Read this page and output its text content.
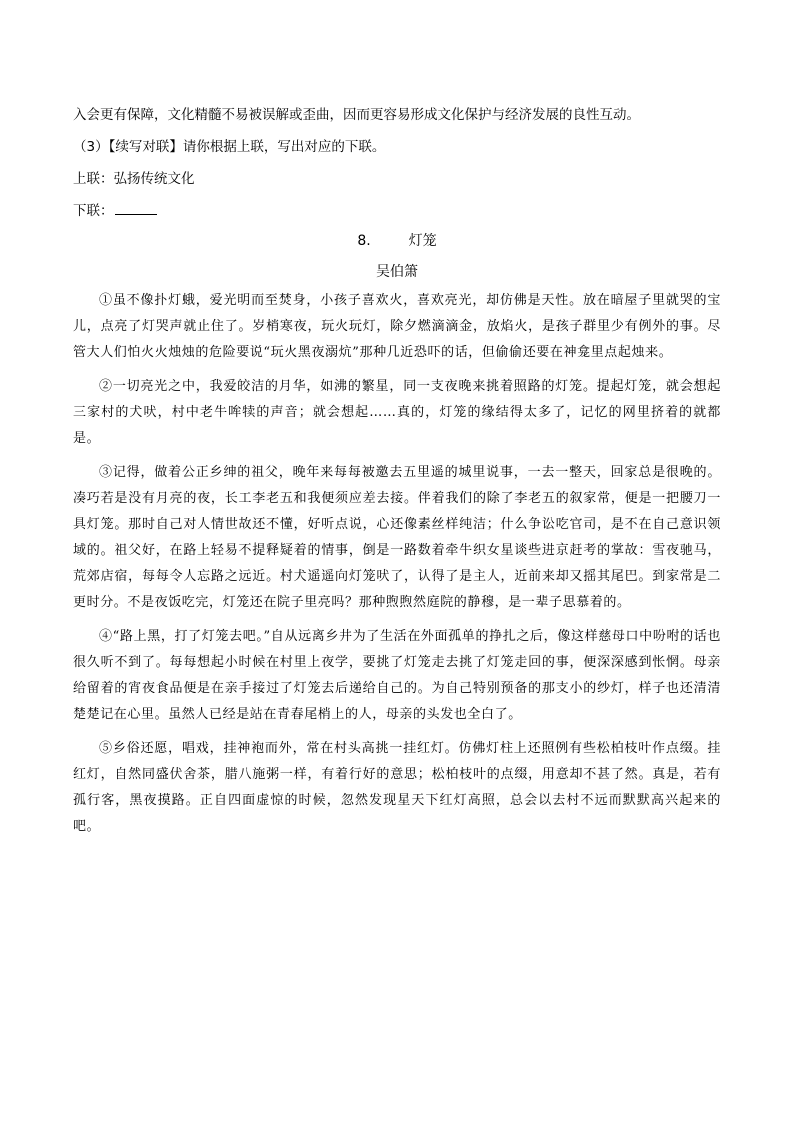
入会更有保障，文化精髓不易被误解或歪曲，因而更容易形成文化保护与经济发展的良性互动。
（3）【续写对联】请你根据上联，写出对应的下联。
上联：弘扬传统文化
下联：
8.	灯笼
吴伯箫

①虽不像扑灯蛾，爱光明而至焚身，小孩子喜欢火，喜欢亮光，却仿佛是天性。放在暗屋子里就哭的宝儿，点亮了灯哭声就止住了。岁梢寒夜，玩火玩灯，除夕燃滴滴金，放焰火，是孩子群里少有例外的事。尽管大人们怕火火烛烛的危险要说“玩火黑夜溺炕”那种几近恐吓的话，但偷偷还要在神龛里点起烛来。

②一切亮光之中，我爱皎洁的月华，如沸的繁星，同一支夜晚来挑着照路的灯笼。提起灯笼，就会想起三家村的犬吠，村中老牛哞犊的声音；就会想起……真的，灯笼的缘结得太多了，记忆的网里挤着的就都是。

③记得，做着公正乡绅的祖父，晚年来每每被邀去五里遥的城里说事，一去一整天，回家总是很晚的。凑巧若是没有月亮的夜，长工李老五和我便须应差去接。伴着我们的除了李老五的叙家常，便是一把腰刀一具灯笼。那时自己对人情世故还不懂，好听点说，心还像素丝样纯洁；什么争讼吃官司，是不在自己意识领域的。祖父好，在路上轻易不提释疑着的情事，倒是一路数着牵牛织女星谈些进京赶考的掌故：雪夜驰马，荒郊店宿，每每令人忘路之远近。村犬遥遥向灯笼吠了，认得了是主人，近前来却又摇其尾巴。到家常是二更时分。不是夜饭吃完，灯笼还在院子里亮吗？那种煦煦然庭院的静穆，是一辈子思慕着的。

④“路上黑，打了灯笼去吧。”自从远离乡井为了生活在外面孤单的挣扎之后，像这样慈母口中吩咐的话也很久听不到了。每每想起小时候在村里上夜学，要挑了灯笼走去挑了灯笼走回的事，便深深感到怅惘。母亲给留着的宵夜食品便是在亲手接过了灯笼去后递给自己的。为自己特别预备的那支小的纱灯，样子也还清清楚楚记在心里。虽然人已经是站在青春尾梢上的人，母亲的头发也全白了。

⑤乡俗还愿，唱戏，挂神袍而外，常在村头高挑一挂红灯。仿佛灯柱上还照例有些松柏枝叶作点缀。挂红灯，自然同盛伏舍茶，腊八施粥一样，有着行好的意思；松柏枝叶的点缀，用意却不甚了然。真是，若有孤行客，黑夜摸路。正自四面虚惊的时候，忽然发现星天下红灯高照，总会以去村不远而默默高兴起来的吧。
